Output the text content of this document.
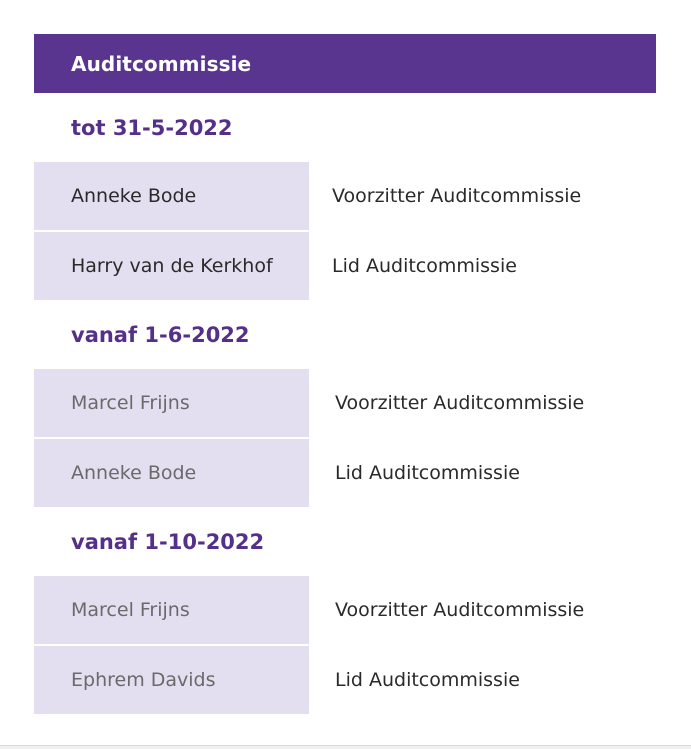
Auditcommissie
tot 31-5-2022
Anneke Bode	Voorzitter Auditcommissie
Harry van de Kerkhof	Lid Auditcommissie
vanaf 1-6-2022
Marcel Frijns	Voorzitter Auditcommissie
Anneke Bode	Lid Auditcommissie
vanaf 1-10-2022
Marcel Frijns	Voorzitter Auditcommissie
Ephrem Davids	Lid Auditcommissie
